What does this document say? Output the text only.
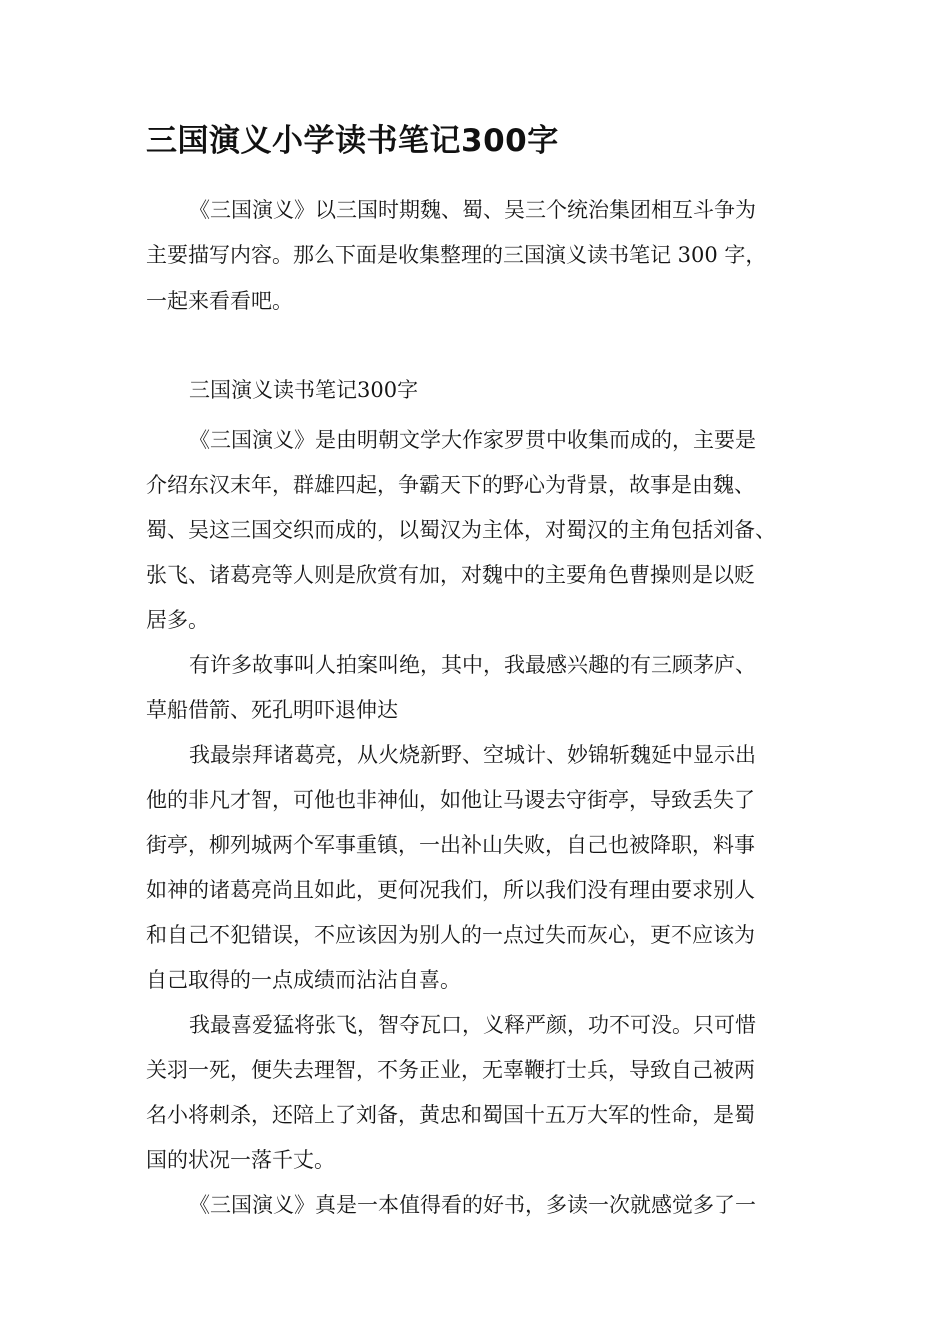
三国演义小学读书笔记300字

《三国演义》以三国时期魏、蜀、吴三个统治集团相互斗争为

主要描写内容。那么下面是收集整理的三国演义读书笔记 300 字，

一起来看看吧。

三国演义读书笔记300字

《三国演义》是由明朝文学大作家罗贯中收集而成的，主要是

介绍东汉末年，群雄四起，争霸天下的野心为背景，故事是由魏、

蜀、吴这三国交织而成的，以蜀汉为主体，对蜀汉的主角包括刘备、

张飞、诸葛亮等人则是欣赏有加，对魏中的主要角色曹操则是以贬

居多。

有许多故事叫人拍案叫绝，其中，我最感兴趣的有三顾茅庐、

草船借箭、死孔明吓退伸达

我最崇拜诸葛亮，从火烧新野、空城计、妙锦斩魏延中显示出

他的非凡才智，可他也非神仙，如他让马谡去守街亭，导致丢失了

街亭，柳列城两个军事重镇，一出补山失败，自己也被降职，料事

如神的诸葛亮尚且如此，更何况我们，所以我们没有理由要求别人

和自己不犯错误，不应该因为别人的一点过失而灰心，更不应该为

自己取得的一点成绩而沾沾自喜。

我最喜爱猛将张飞，智夺瓦口，义释严颜，功不可没。只可惜

关羽一死，便失去理智，不务正业，无辜鞭打士兵，导致自己被两

名小将刺杀，还陪上了刘备，黄忠和蜀国十五万大军的性命，是蜀

国的状况一落千丈。

《三国演义》真是一本值得看的好书，多读一次就感觉多了一
